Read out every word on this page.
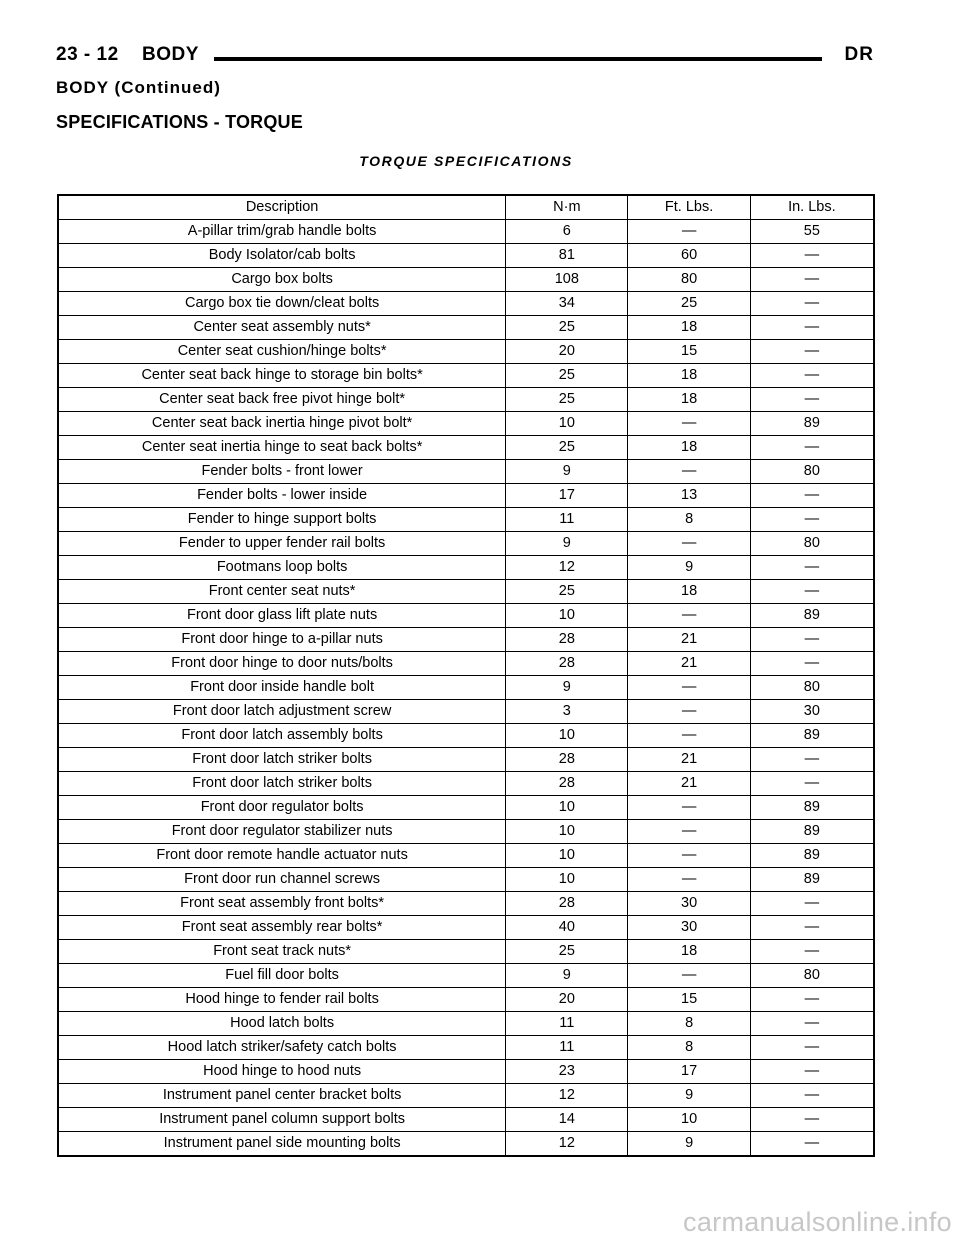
23 - 12 BODY	DR
BODY (Continued)
SPECIFICATIONS - TORQUE
TORQUE SPECIFICATIONS
Description	N·m	Ft. Lbs.	In. Lbs.
A-pillar trim/grab handle bolts	6	—	55
Body Isolator/cab bolts	81	60	—
Cargo box bolts	108	80	—
Cargo box tie down/cleat bolts	34	25	—
Center seat assembly nuts*	25	18	—
Center seat cushion/hinge bolts*	20	15	—
Center seat back hinge to storage bin bolts*	25	18	—
Center seat back free pivot hinge bolt*	25	18	—
Center seat back inertia hinge pivot bolt*	10	—	89
Center seat inertia hinge to seat back bolts*	25	18	—
Fender bolts - front lower	9	—	80
Fender bolts - lower inside	17	13	—
Fender to hinge support bolts	11	8	—
Fender to upper fender rail bolts	9	—	80
Footmans loop bolts	12	9	—
Front center seat nuts*	25	18	—
Front door glass lift plate nuts	10	—	89
Front door hinge to a-pillar nuts	28	21	—
Front door hinge to door nuts/bolts	28	21	—
Front door inside handle bolt	9	—	80
Front door latch adjustment screw	3	—	30
Front door latch assembly bolts	10	—	89
Front door latch striker bolts	28	21	—
Front door latch striker bolts	28	21	—
Front door regulator bolts	10	—	89
Front door regulator stabilizer nuts	10	—	89
Front door remote handle actuator nuts	10	—	89
Front door run channel screws	10	—	89
Front seat assembly front bolts*	28	30	—
Front seat assembly rear bolts*	40	30	—
Front seat track nuts*	25	18	—
Fuel fill door bolts	9	—	80
Hood hinge to fender rail bolts	20	15	—
Hood latch bolts	11	8	—
Hood latch striker/safety catch bolts	11	8	—
Hood hinge to hood nuts	23	17	—
Instrument panel center bracket bolts	12	9	—
Instrument panel column support bolts	14	10	—
Instrument panel side mounting bolts	12	9	—
carmanualsonline.info
